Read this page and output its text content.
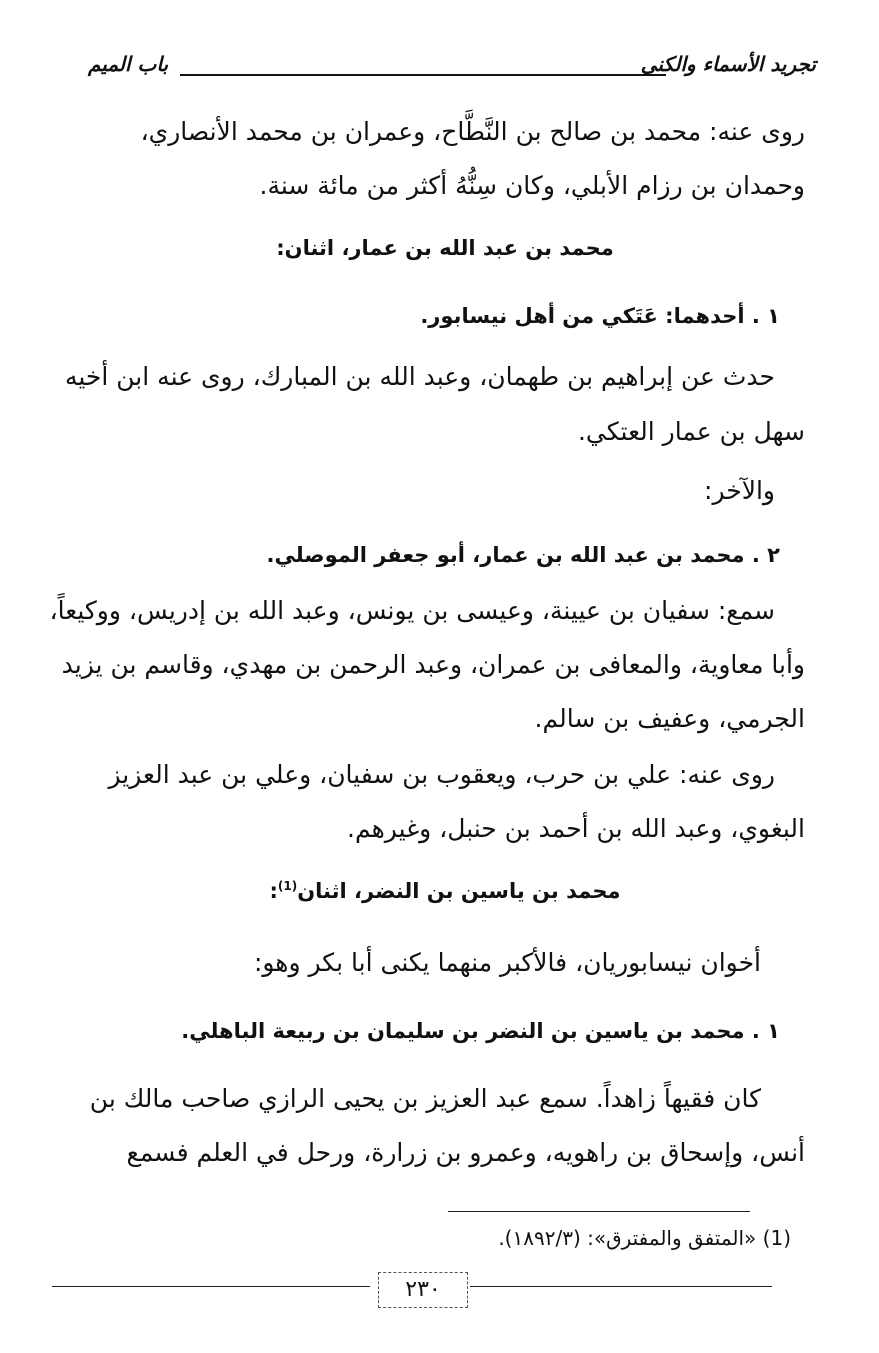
تجريد الأسماء والكنى
باب الميم
روى عنه: محمد بن صالح بن النَّطَّاح، وعمران بن محمد الأنصاري،
وحمدان بن رزام الأبلي، وكان سِنُّهُ أكثر من مائة سنة.
محمد بن عبد الله بن عمار، اثنان:
١ . أحدهما: عَتَكي من أهل نيسابور.
حدث عن إبراهيم بن طهمان، وعبد الله بن المبارك، روى عنه ابن أخيه
سهل بن عمار العتكي.
والآخر:
٢ . محمد بن عبد الله بن عمار، أبو جعفر الموصلي.
سمع: سفيان بن عيينة، وعيسى بن يونس، وعبد الله بن إدريس، ووكيعاً،
وأبا معاوية، والمعافى بن عمران، وعبد الرحمن بن مهدي، وقاسم بن يزيد
الجرمي، وعفيف بن سالم.
روى عنه: علي بن حرب، ويعقوب بن سفيان، وعلي بن عبد العزيز
البغوي، وعبد الله بن أحمد بن حنبل، وغيرهم.
محمد بن ياسين بن النضر، اثنان$^{(1)}$:
أخوان نيسابوريان، فالأكبر منهما يكنى أبا بكر وهو:
١ . محمد بن ياسين بن النضر بن سليمان بن ربيعة الباهلي.
كان فقيهاً زاهداً. سمع عبد العزيز بن يحيى الرازي صاحب مالك بن
أنس، وإسحاق بن راهويه، وعمرو بن زرارة، ورحل في العلم فسمع
(1) «المتفق والمفترق»: (١٨٩٢/٣).
٢٣٠
